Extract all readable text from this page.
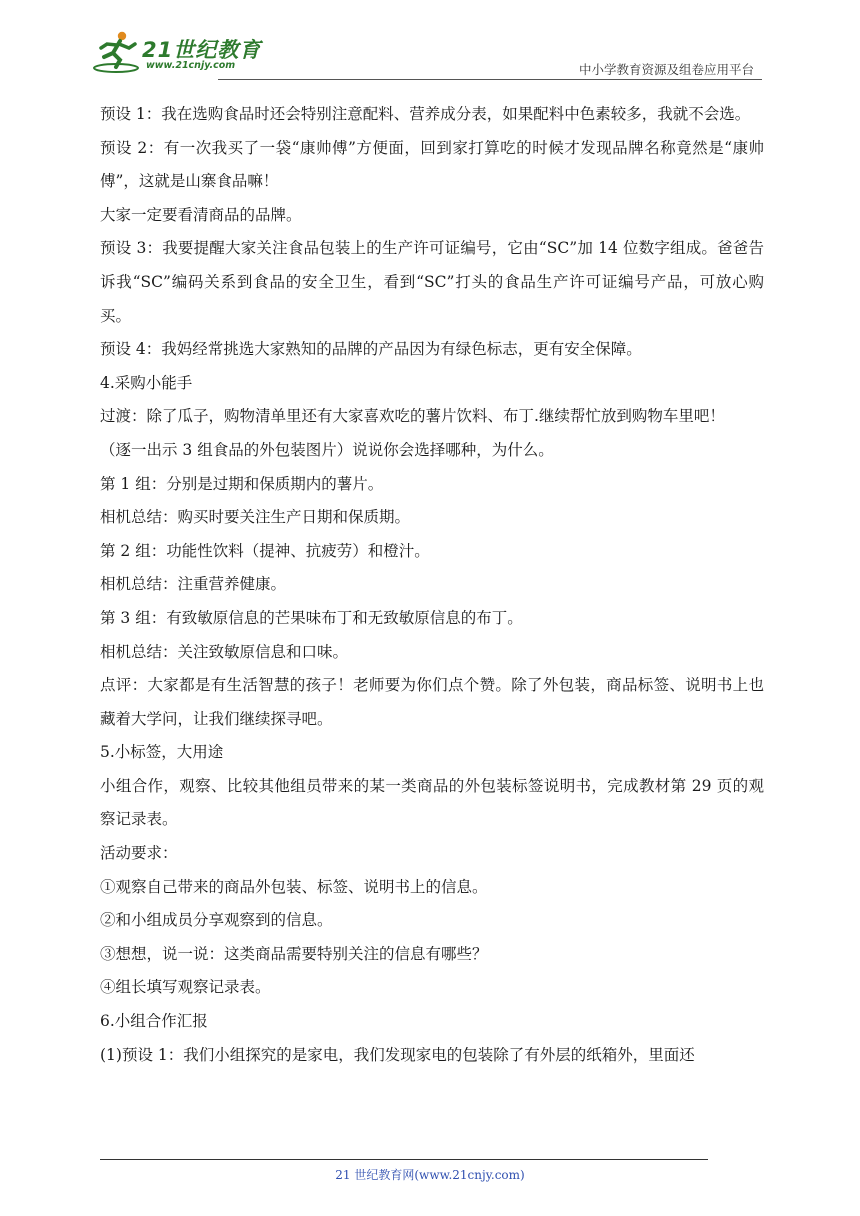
21世纪教育
www.21cnjy.com	中小学教育资源及组卷应用平台

预设 1：我在选购食品时还会特别注意配料、营养成分表，如果配料中色素较多，我就不会选。

预设 2：有一次我买了一袋“康帅傅”方便面，回到家打算吃的时候才发现品牌名称竟然是“康帅傅”，这就是山寨食品嘛！

大家一定要看清商品的品牌。

预设 3：我要提醒大家关注食品包装上的生产许可证编号，它由“SC”加 14 位数字组成。爸爸告诉我“SC”编码关系到食品的安全卫生，看到“SC”打头的食品生产许可证编号产品，可放心购买。

预设 4：我妈经常挑选大家熟知的品牌的产品因为有绿色标志，更有安全保障。

4.采购小能手

过渡：除了瓜子，购物清单里还有大家喜欢吃的薯片饮料、布丁.继续帮忙放到购物车里吧！

（逐一出示 3 组食品的外包装图片）说说你会选择哪种，为什么。

第 1 组：分别是过期和保质期内的薯片。

相机总结：购买时要关注生产日期和保质期。

第 2 组：功能性饮料（提神、抗疲劳）和橙汁。

相机总结：注重营养健康。

第 3 组：有致敏原信息的芒果味布丁和无致敏原信息的布丁。

相机总结：关注致敏原信息和口味。

点评：大家都是有生活智慧的孩子！老师要为你们点个赞。除了外包装，商品标签、说明书上也藏着大学问，让我们继续探寻吧。

5.小标签，大用途

小组合作，观察、比较其他组员带来的某一类商品的外包装标签说明书，完成教材第 29 页的观察记录表。

活动要求：

①观察自己带来的商品外包装、标签、说明书上的信息。

②和小组成员分享观察到的信息。

③想想，说一说：这类商品需要特别关注的信息有哪些？

④组长填写观察记录表。

6.小组合作汇报

(1)预设 1：我们小组探究的是家电，我们发现家电的包装除了有外层的纸箱外，里面还

21 世纪教育网(www.21cnjy.com)
